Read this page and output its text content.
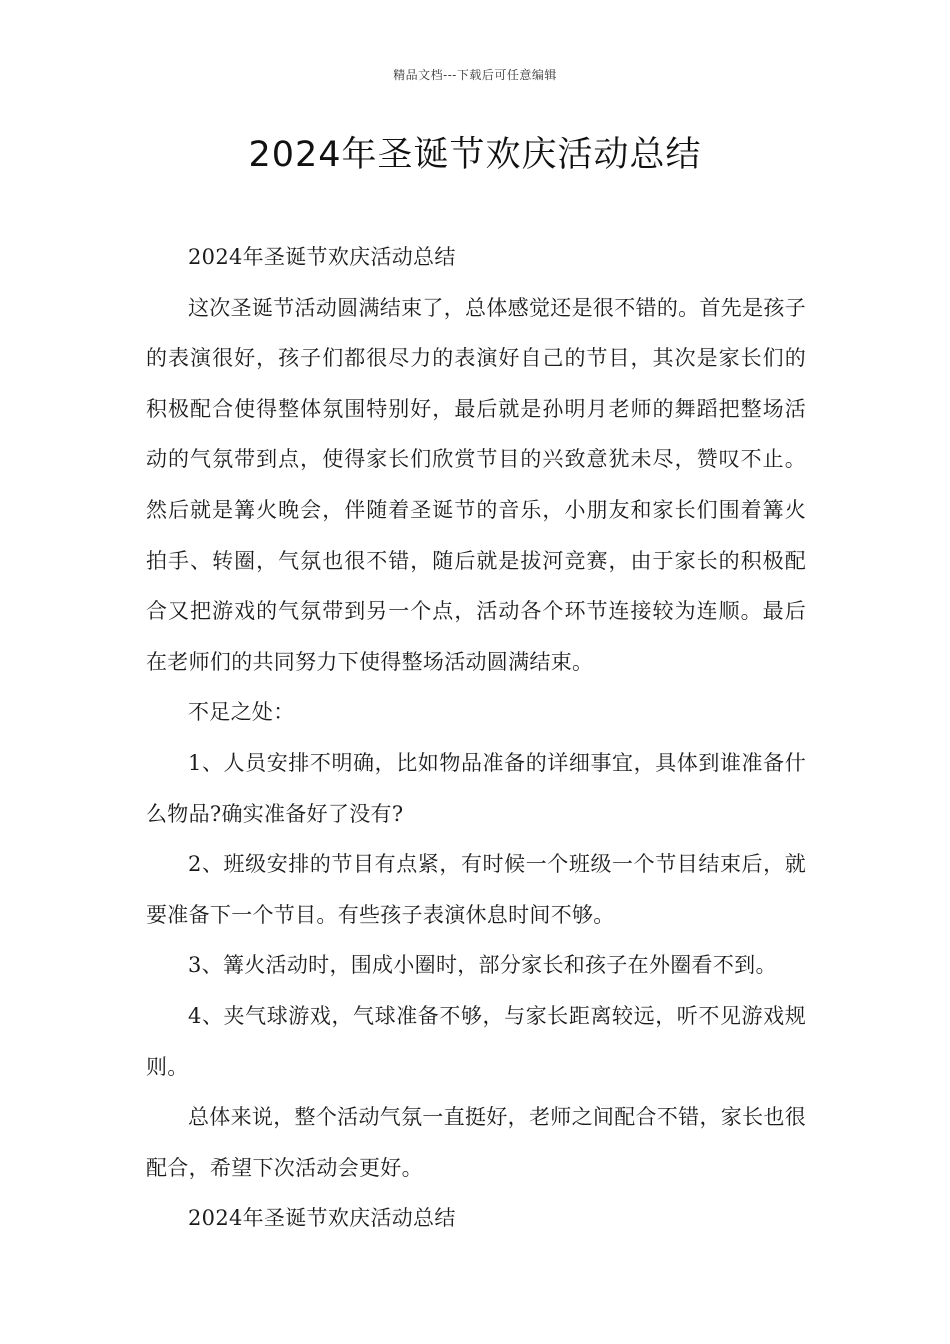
精品文档---下载后可任意编辑
2024年圣诞节欢庆活动总结

2024年圣诞节欢庆活动总结

这次圣诞节活动圆满结束了，总体感觉还是很不错的。首先是孩子的表演很好，孩子们都很尽力的表演好自己的节目，其次是家长们的积极配合使得整体氛围特别好，最后就是孙明月老师的舞蹈把整场活动的气氛带到点，使得家长们欣赏节目的兴致意犹未尽，赞叹不止。然后就是篝火晚会，伴随着圣诞节的音乐，小朋友和家长们围着篝火拍手、转圈，气氛也很不错，随后就是拔河竞赛，由于家长的积极配合又把游戏的气氛带到另一个点，活动各个环节连接较为连顺。最后在老师们的共同努力下使得整场活动圆满结束。

不足之处：

1、人员安排不明确，比如物品准备的详细事宜，具体到谁准备什么物品?确实准备好了没有?

2、班级安排的节目有点紧，有时候一个班级一个节目结束后，就要准备下一个节目。有些孩子表演休息时间不够。

3、篝火活动时，围成小圈时，部分家长和孩子在外圈看不到。

4、夹气球游戏，气球准备不够，与家长距离较远，听不见游戏规则。

总体来说，整个活动气氛一直挺好，老师之间配合不错，家长也很配合，希望下次活动会更好。

2024年圣诞节欢庆活动总结
